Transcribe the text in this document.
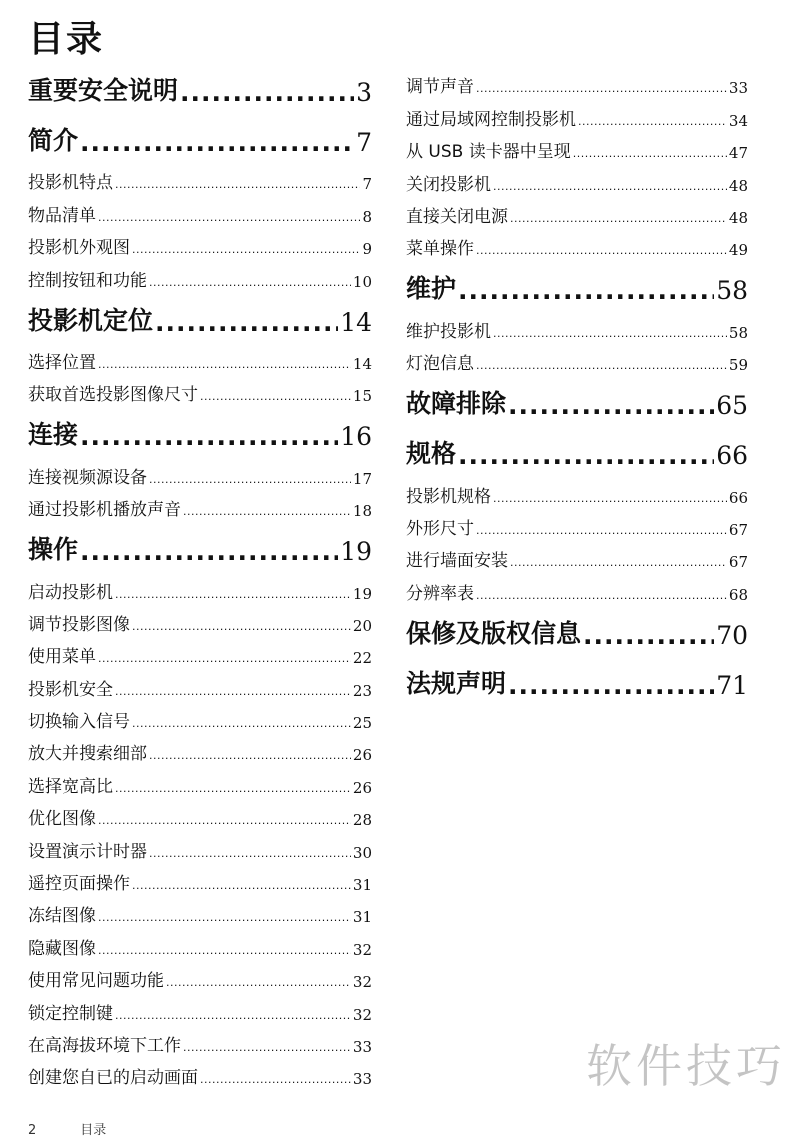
目录
重要安全说明 .....	3
简介 .....	7
投影机特点 .....	7
物品清单 .....	8
投影机外观图 .....	9
控制按钮和功能 .....	10
投影机定位 .....	14
选择位置 .....	14
获取首选投影图像尺寸 .....	15
连接 .....	16
连接视频源设备 .....	17
通过投影机播放声音 .....	18
操作 .....	19
启动投影机 .....	19
调节投影图像 .....	20
使用菜单 .....	22
投影机安全 .....	23
切换输入信号 .....	25
放大并搜索细部 .....	26
选择宽高比 .....	26
优化图像 .....	28
设置演示计时器 .....	30
遥控页面操作 .....	31
冻结图像 .....	31
隐藏图像 .....	32
使用常见问题功能 .....	32
锁定控制键 .....	32
在高海拔环境下工作 .....	33
创建您自已的启动画面 .....	33
调节声音 .....	33
通过局域网控制投影机 .....	34
从 USB 读卡器中呈现 .....	47
关闭投影机 .....	48
直接关闭电源 .....	48
菜单操作 .....	49
维护 .....	58
维护投影机 .....	58
灯泡信息 .....	59
故障排除 .....	65
规格 .....	66
投影机规格 .....	66
外形尺寸 .....	67
进行墙面安装 .....	67
分辨率表 .....	68
保修及版权信息 .....	70
法规声明 .....	71
软件技巧
2	目录
